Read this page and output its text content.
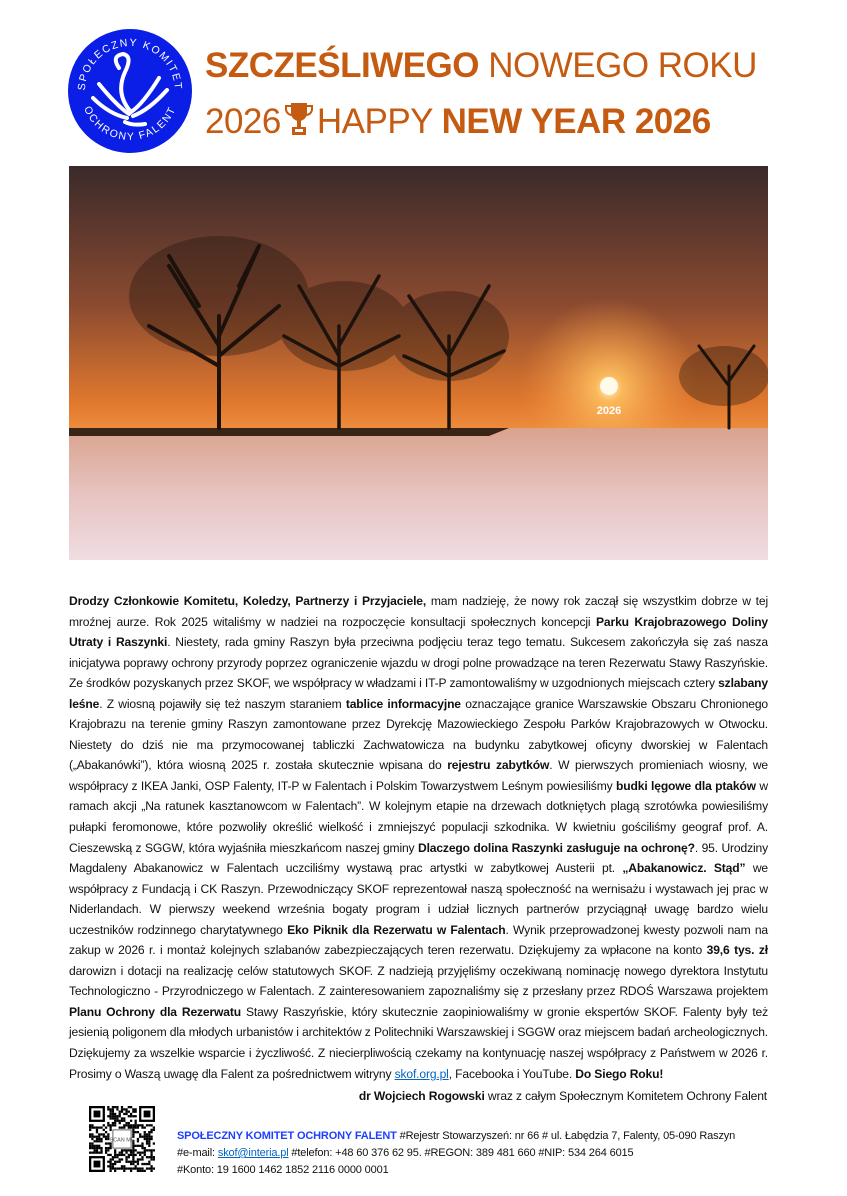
SPOŁECZNY KOMITET
OCHRONY FALENT
SZCZEŚLIWEGO NOWEGO ROKU
2026 HAPPY NEW YEAR 2026
2026
Drodzy Członkowie Komitetu, Koledzy, Partnerzy i Przyjaciele, mam nadzieję, że nowy rok zaczął się wszystkim dobrze w tej mroźnej aurze. Rok 2025 witaliśmy w nadziei na rozpoczęcie konsultacji społecznych koncepcji Parku Krajobrazowego Doliny Utraty i Raszynki. Niestety, rada gminy Raszyn była przeciwna podjęciu teraz tego tematu. Sukcesem zakończyła się zaś nasza inicjatywa poprawy ochrony przyrody poprzez ograniczenie wjazdu w drogi polne prowadzące na teren Rezerwatu Stawy Raszyńskie. Ze środków pozyskanych przez SKOF, we współpracy w władzami i IT-P zamontowaliśmy w uzgodnionych miejscach cztery szlabany leśne. Z wiosną pojawiły się też naszym staraniem tablice informacyjne oznaczające granice Warszawskie Obszaru Chronionego Krajobrazu na terenie gminy Raszyn zamontowane przez Dyrekcję Mazowieckiego Zespołu Parków Krajobrazowych w Otwocku. Niestety do dziś nie ma przymocowanej tabliczki Zachwatowicza na budynku zabytkowej oficyny dworskiej w Falentach („Abakanówki”), która wiosną 2025 r. została skutecznie wpisana do rejestru zabytków. W pierwszych promieniach wiosny, we współpracy z IKEA Janki, OSP Falenty, IT-P w Falentach i Polskim Towarzystwem Leśnym powiesiliśmy budki lęgowe dla ptaków w ramach akcji „Na ratunek kasztanowcom w Falentach”. W kolejnym etapie na drzewach dotkniętych plagą szrotówka powiesiliśmy pułapki feromonowe, które pozwoliły określić wielkość i zmniejszyć populacji szkodnika. W kwietniu gościliśmy geograf prof. A. Cieszewską z SGGW, która wyjaśniła mieszkańcom naszej gminy Dlaczego dolina Raszynki zasługuje na ochronę?. 95. Urodziny Magdaleny Abakanowicz w Falentach uczciliśmy wystawą prac artystki w zabytkowej Austerii pt. „Abakanowicz. Stąd” we współpracy z Fundacją i CK Raszyn. Przewodniczący SKOF reprezentował naszą społeczność na wernisażu i wystawach jej prac w Niderlandach. W pierwszy weekend września bogaty program i udział licznych partnerów przyciągnął uwagę bardzo wielu uczestników rodzinnego charytatywnego Eko Piknik dla Rezerwatu w Falentach. Wynik przeprowadzonej kwesty pozwoli nam na zakup w 2026 r. i montaż kolejnych szlabanów zabezpieczających teren rezerwatu. Dziękujemy za wpłacone na konto 39,6 tys. zł darowizn i dotacji na realizację celów statutowych SKOF. Z nadzieją przyjęliśmy oczekiwaną nominację nowego dyrektora Instytutu Technologiczno - Przyrodniczego w Falentach. Z zainteresowaniem zapoznaliśmy się z przesłany przez RDOŚ Warszawa projektem Planu Ochrony dla Rezerwatu Stawy Raszyńskie, który skutecznie zaopiniowaliśmy w gronie ekspertów SKOF. Falenty były też jesienią poligonem dla młodych urbanistów i architektów z Politechniki Warszawskiej i SGGW oraz miejscem badań archeologicznych. Dziękujemy za wszelkie wsparcie i życzliwość. Z niecierpliwością czekamy na kontynuację naszej współpracy z Państwem w 2026 r. Prosimy o Waszą uwagę dla Falent za pośrednictwem witryny skof.org.pl, Facebooka i YouTube. Do Siego Roku!
dr Wojciech Rogowski wraz z całym Społecznym Komitetem Ochrony Falent
SCAN ME	SPOŁECZNY KOMITET OCHRONY FALENT #Rejestr Stowarzyszeń: nr 66 # ul. Łabędzia 7, Falenty, 05-090 Raszyn
#e-mail: skof@interia.pl #telefon: +48 60 376 62 95. #REGON: 389 481 660 #NIP: 534 264 6015
#Konto: 19 1600 1462 1852 2116 0000 0001
